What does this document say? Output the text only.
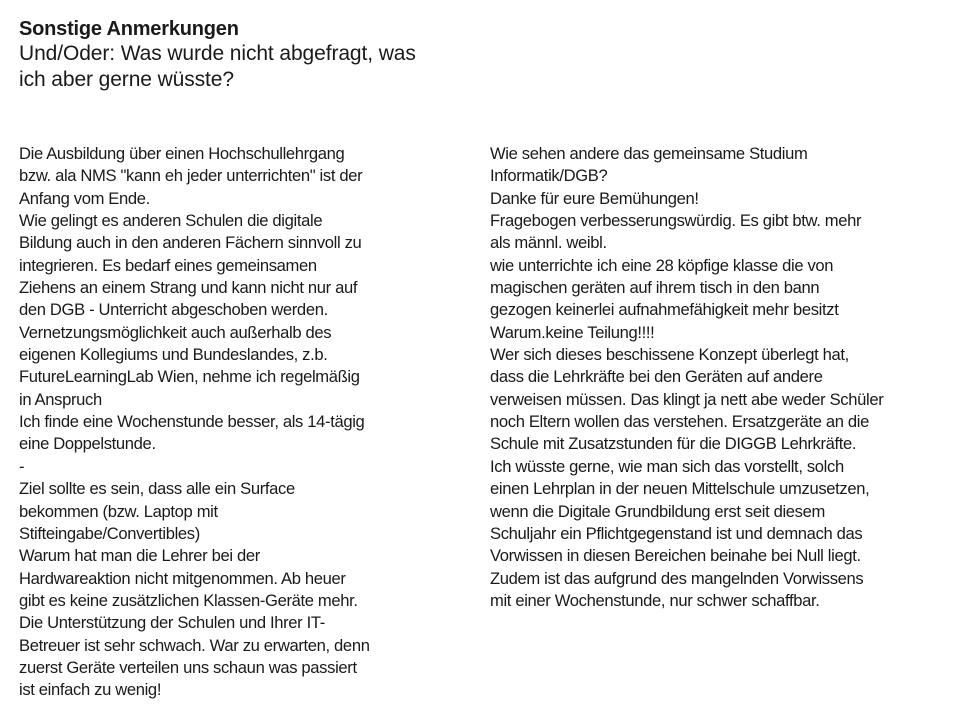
Sonstige Anmerkungen
Und/Oder: Was wurde nicht abgefragt, was
ich aber gerne wüsste?
Die Ausbildung über einen Hochschullehrgang
bzw. ala NMS "kann eh jeder unterrichten" ist der
Anfang vom Ende.
Wie gelingt es anderen Schulen die digitale
Bildung auch in den anderen Fächern sinnvoll zu
integrieren. Es bedarf eines gemeinsamen
Ziehens an einem Strang und kann nicht nur auf
den DGB - Unterricht abgeschoben werden.
Vernetzungsmöglichkeit auch außerhalb des
eigenen Kollegiums und Bundeslandes, z.b.
FutureLearningLab Wien, nehme ich regelmäßig
in Anspruch
Ich finde eine Wochenstunde besser, als 14-tägig
eine Doppelstunde.
-
Ziel sollte es sein, dass alle ein Surface
bekommen (bzw. Laptop mit
Stifteingabe/Convertibles)
Warum hat man die Lehrer bei der
Hardwareaktion nicht mitgenommen. Ab heuer
gibt es keine zusätzlichen Klassen-Geräte mehr.
Die Unterstützung der Schulen und Ihrer IT-
Betreuer ist sehr schwach. War zu erwarten, denn
zuerst Geräte verteilen uns schaun was passiert
ist einfach zu wenig!
Wie sehen andere das gemeinsame Studium
Informatik/DGB?
Danke für eure Bemühungen!
Fragebogen verbesserungswürdig. Es gibt btw. mehr
als männl. weibl.
wie unterrichte ich eine 28 köpfige klasse die von
magischen geräten auf ihrem tisch in den bann
gezogen keinerlei aufnahmefähigkeit mehr besitzt
Warum.keine Teilung!!!!
Wer sich dieses beschissene Konzept überlegt hat,
dass die Lehrkräfte bei den Geräten auf andere
verweisen müssen. Das klingt ja nett abe weder Schüler
noch Eltern wollen das verstehen. Ersatzgeräte an die
Schule mit Zusatzstunden für die DIGGB Lehrkräfte.
Ich wüsste gerne, wie man sich das vorstellt, solch
einen Lehrplan in der neuen Mittelschule umzusetzen,
wenn die Digitale Grundbildung erst seit diesem
Schuljahr ein Pflichtgegenstand ist und demnach das
Vorwissen in diesen Bereichen beinahe bei Null liegt.
Zudem ist das aufgrund des mangelnden Vorwissens
mit einer Wochenstunde, nur schwer schaffbar.
